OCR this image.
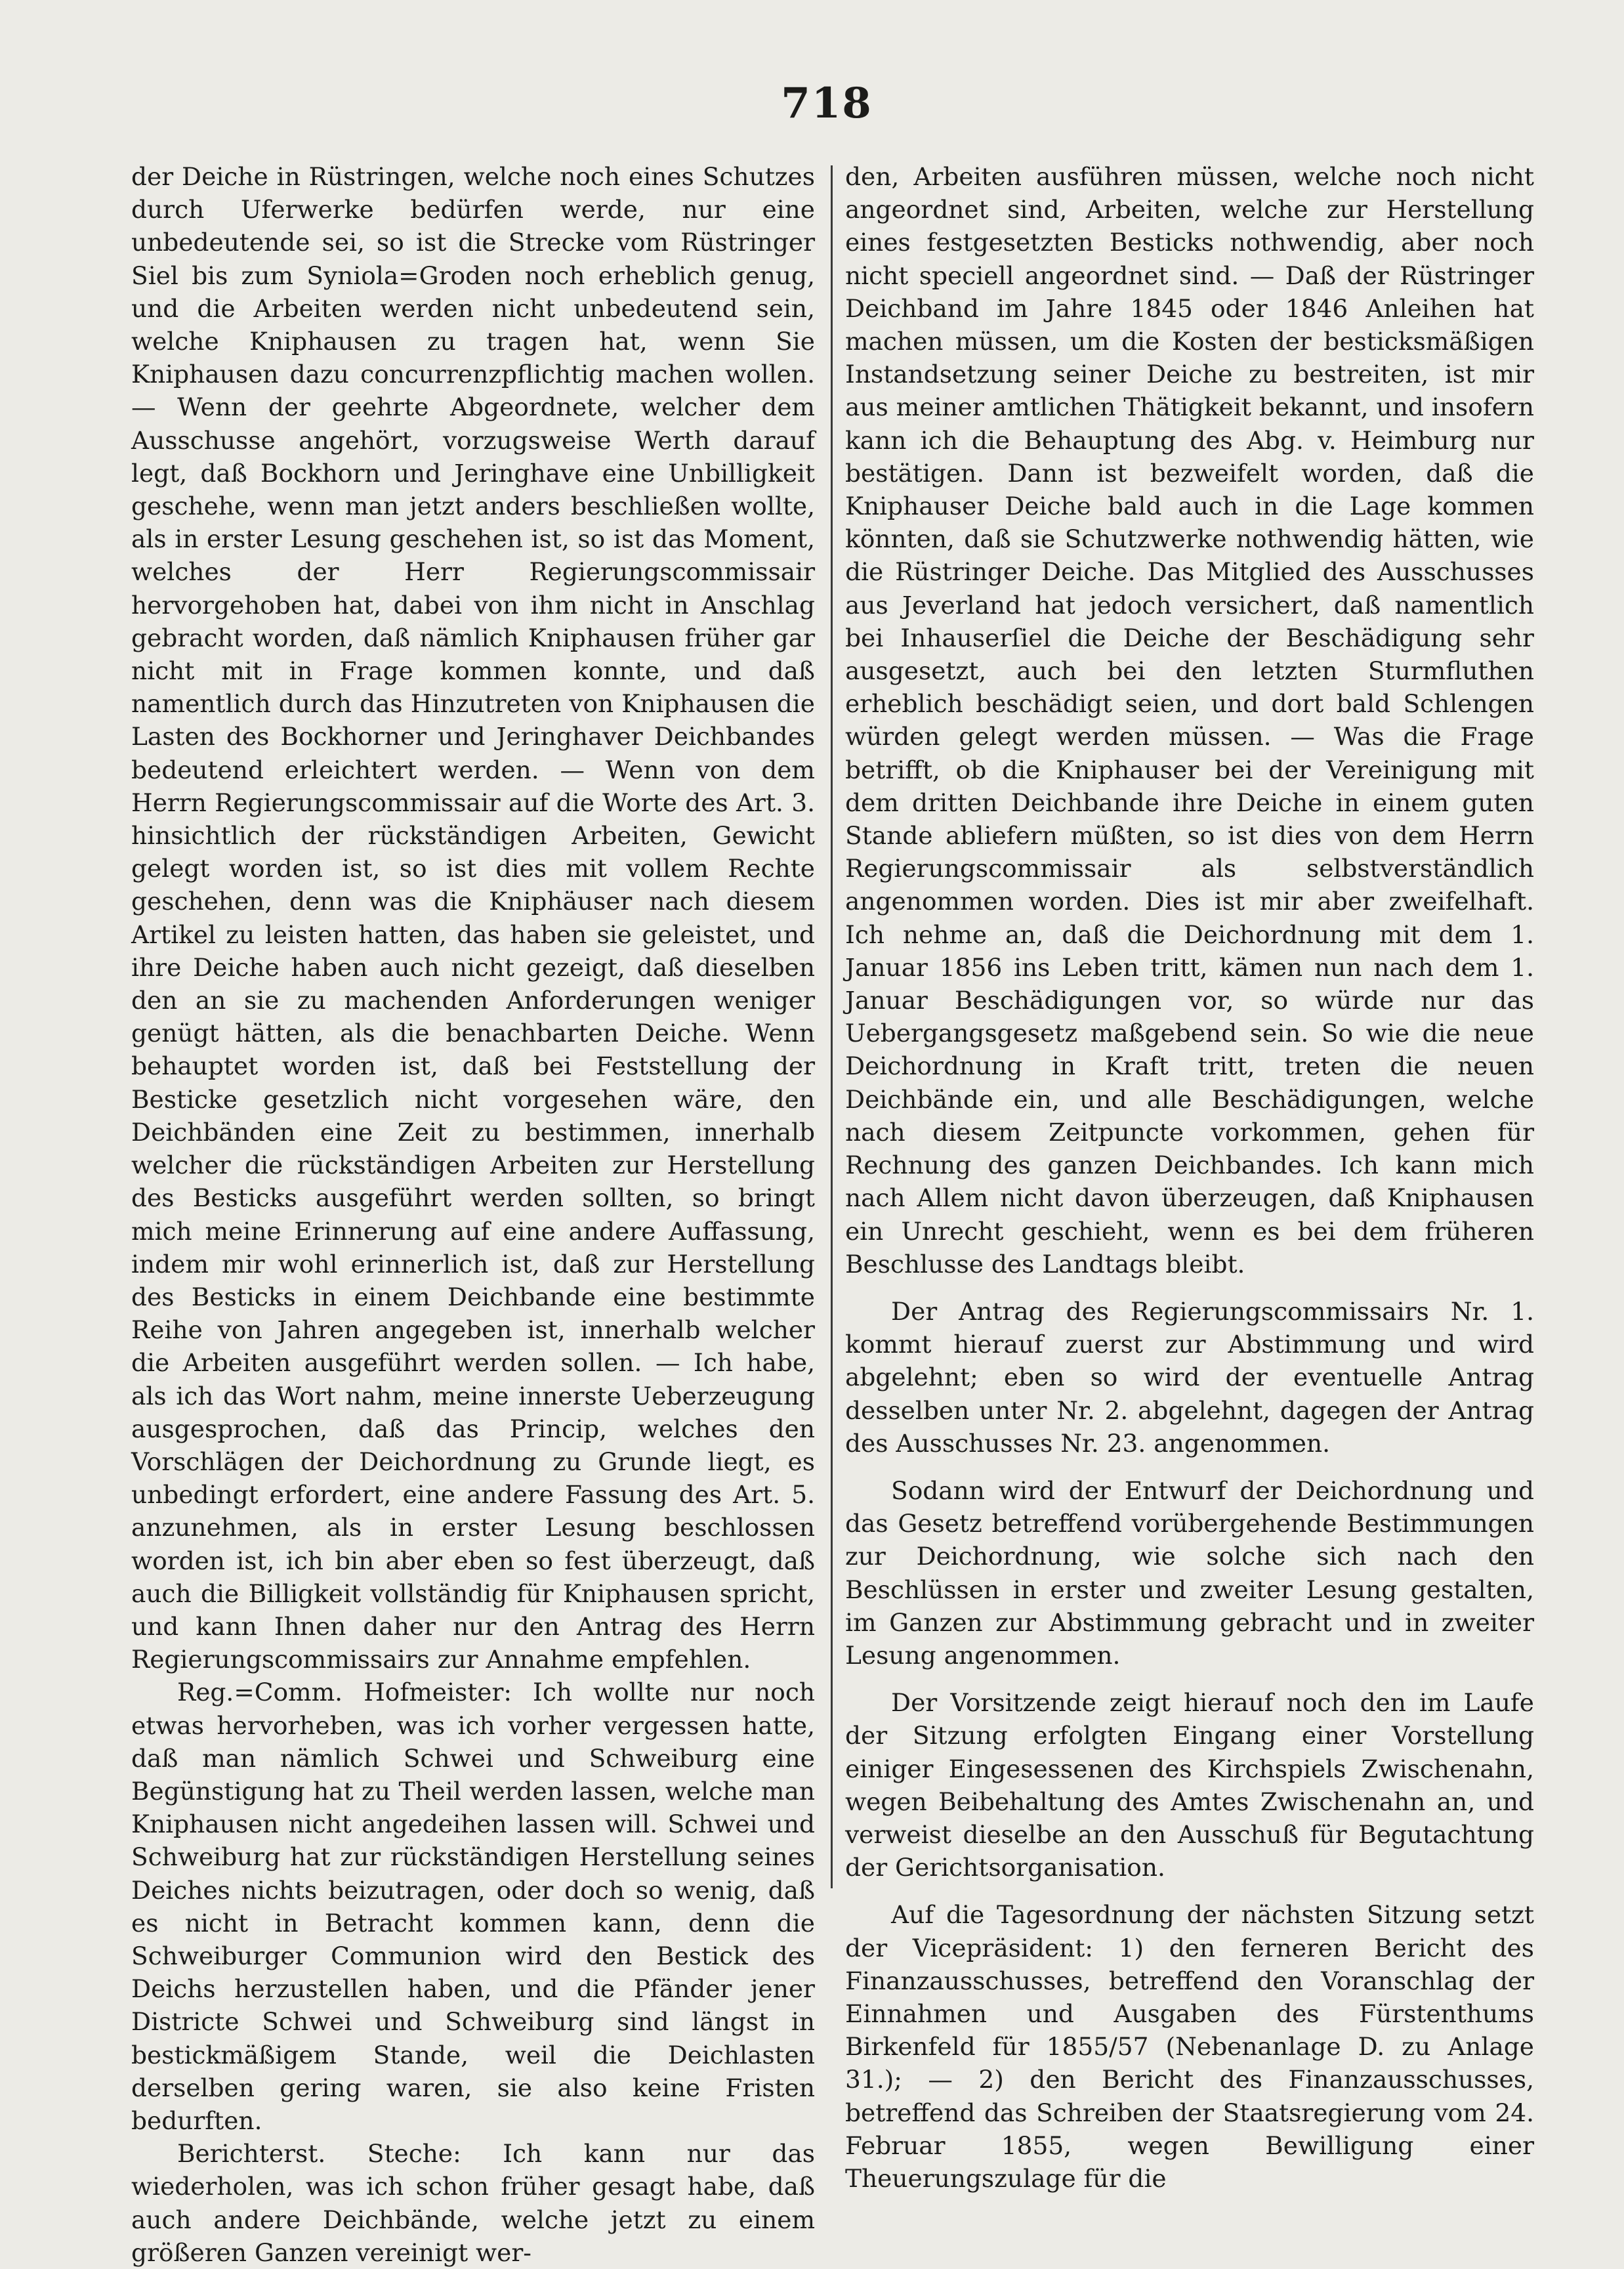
718

der Deiche in Rüstringen, welche noch eines Schutzes durch Uferwerke bedürfen werde, nur eine unbedeutende sei, so ist die Strecke vom Rüstringer Siel bis zum Syniola=Groden noch erheblich genug, und die Arbeiten werden nicht unbedeutend sein, welche Kniphausen zu tragen hat, wenn Sie Kniphausen dazu concurrenzpflichtig machen wollen. — Wenn der geehrte Abgeordnete, welcher dem Ausschusse angehört, vorzugsweise Werth darauf legt, daß Bockhorn und Jeringhave eine Unbilligkeit geschehe, wenn man jetzt anders beschließen wollte, als in erster Lesung geschehen ist, so ist das Moment, welches der Herr Regierungscommissair hervorgehoben hat, dabei von ihm nicht in Anschlag gebracht worden, daß nämlich Kniphausen früher gar nicht mit in Frage kommen konnte, und daß namentlich durch das Hinzutreten von Kniphausen die Lasten des Bockhorner und Jeringhaver Deichbandes bedeutend erleichtert werden. — Wenn von dem Herrn Regierungscommissair auf die Worte des Art. 3. hinsichtlich der rückständigen Arbeiten, Gewicht gelegt worden ist, so ist dies mit vollem Rechte geschehen, denn was die Kniphäuser nach diesem Artikel zu leisten hatten, das haben sie geleistet, und ihre Deiche haben auch nicht gezeigt, daß dieselben den an sie zu machenden Anforderungen weniger genügt hätten, als die benachbarten Deiche. Wenn behauptet worden ist, daß bei Feststellung der Besticke gesetzlich nicht vorgesehen wäre, den Deichbänden eine Zeit zu bestimmen, innerhalb welcher die rückständigen Arbeiten zur Herstellung des Besticks ausgeführt werden sollten, so bringt mich meine Erinnerung auf eine andere Auffassung, indem mir wohl erinnerlich ist, daß zur Herstellung des Besticks in einem Deichbande eine bestimmte Reihe von Jahren angegeben ist, innerhalb welcher die Arbeiten ausgeführt werden sollen. — Ich habe, als ich das Wort nahm, meine innerste Ueberzeugung ausgesprochen, daß das Princip, welches den Vorschlägen der Deichordnung zu Grunde liegt, es unbedingt erfordert, eine andere Fassung des Art. 5. anzunehmen, als in erster Lesung beschlossen worden ist, ich bin aber eben so fest überzeugt, daß auch die Billigkeit vollständig für Kniphausen spricht, und kann Ihnen daher nur den Antrag des Herrn Regierungscommissairs zur Annahme empfehlen.

Reg.=Comm. Hofmeister: Ich wollte nur noch etwas hervorheben, was ich vorher vergessen hatte, daß man nämlich Schwei und Schweiburg eine Begünstigung hat zu Theil werden lassen, welche man Kniphausen nicht angedeihen lassen will. Schwei und Schweiburg hat zur rückständigen Herstellung seines Deiches nichts beizutragen, oder doch so wenig, daß es nicht in Betracht kommen kann, denn die Schweiburger Communion wird den Bestick des Deichs herzustellen haben, und die Pfänder jener Districte Schwei und Schweiburg sind längst in bestickmäßigem Stande, weil die Deichlasten derselben gering waren, sie also keine Fristen bedurften.

Berichterst. Steche: Ich kann nur das wiederholen, was ich schon früher gesagt habe, daß auch andere Deichbände, welche jetzt zu einem größeren Ganzen vereinigt wer-

den, Arbeiten ausführen müssen, welche noch nicht angeordnet sind, Arbeiten, welche zur Herstellung eines festgesetzten Besticks nothwendig, aber noch nicht speciell angeordnet sind. — Daß der Rüstringer Deichband im Jahre 1845 oder 1846 Anleihen hat machen müssen, um die Kosten der besticksmäßigen Instandsetzung seiner Deiche zu bestreiten, ist mir aus meiner amtlichen Thätigkeit bekannt, und insofern kann ich die Behauptung des Abg. v. Heimburg nur bestätigen. Dann ist bezweifelt worden, daß die Kniphauser Deiche bald auch in die Lage kommen könnten, daß sie Schutzwerke nothwendig hätten, wie die Rüstringer Deiche. Das Mitglied des Ausschusses aus Jeverland hat jedoch versichert, daß namentlich bei Inhauserſiel die Deiche der Beschädigung sehr ausgesetzt, auch bei den letzten Sturmfluthen erheblich beschädigt seien, und dort bald Schlengen würden gelegt werden müssen. — Was die Frage betrifft, ob die Kniphauser bei der Vereinigung mit dem dritten Deichbande ihre Deiche in einem guten Stande abliefern müßten, so ist dies von dem Herrn Regierungscommissair als selbstverständlich angenommen worden. Dies ist mir aber zweifelhaft. Ich nehme an, daß die Deichordnung mit dem 1. Januar 1856 ins Leben tritt, kämen nun nach dem 1. Januar Beschädigungen vor, so würde nur das Uebergangsgesetz maßgebend sein. So wie die neue Deichordnung in Kraft tritt, treten die neuen Deichbände ein, und alle Beschädigungen, welche nach diesem Zeitpuncte vorkommen, gehen für Rechnung des ganzen Deichbandes. Ich kann mich nach Allem nicht davon überzeugen, daß Kniphausen ein Unrecht geschieht, wenn es bei dem früheren Beschlusse des Landtags bleibt.

Der Antrag des Regierungscommissairs Nr. 1. kommt hierauf zuerst zur Abstimmung und wird abgelehnt; eben so wird der eventuelle Antrag desselben unter Nr. 2. abgelehnt, dagegen der Antrag des Ausschusses Nr. 23. angenommen.

Sodann wird der Entwurf der Deichordnung und das Gesetz betreffend vorübergehende Bestimmungen zur Deichordnung, wie solche sich nach den Beschlüssen in erster und zweiter Lesung gestalten, im Ganzen zur Abstimmung gebracht und in zweiter Lesung angenommen.

Der Vorsitzende zeigt hierauf noch den im Laufe der Sitzung erfolgten Eingang einer Vorstellung einiger Eingesessenen des Kirchspiels Zwischenahn, wegen Beibehaltung des Amtes Zwischenahn an, und verweist dieselbe an den Ausschuß für Begutachtung der Gerichtsorganisation.

Auf die Tagesordnung der nächsten Sitzung setzt der Vicepräsident: 1) den ferneren Bericht des Finanzausschusses, betreffend den Voranschlag der Einnahmen und Ausgaben des Fürstenthums Birkenfeld für 1855/57 (Nebenanlage D. zu Anlage 31.); — 2) den Bericht des Finanzausschusses, betreffend das Schreiben der Staatsregierung vom 24. Februar 1855, wegen Bewilligung einer Theuerungszulage für die
